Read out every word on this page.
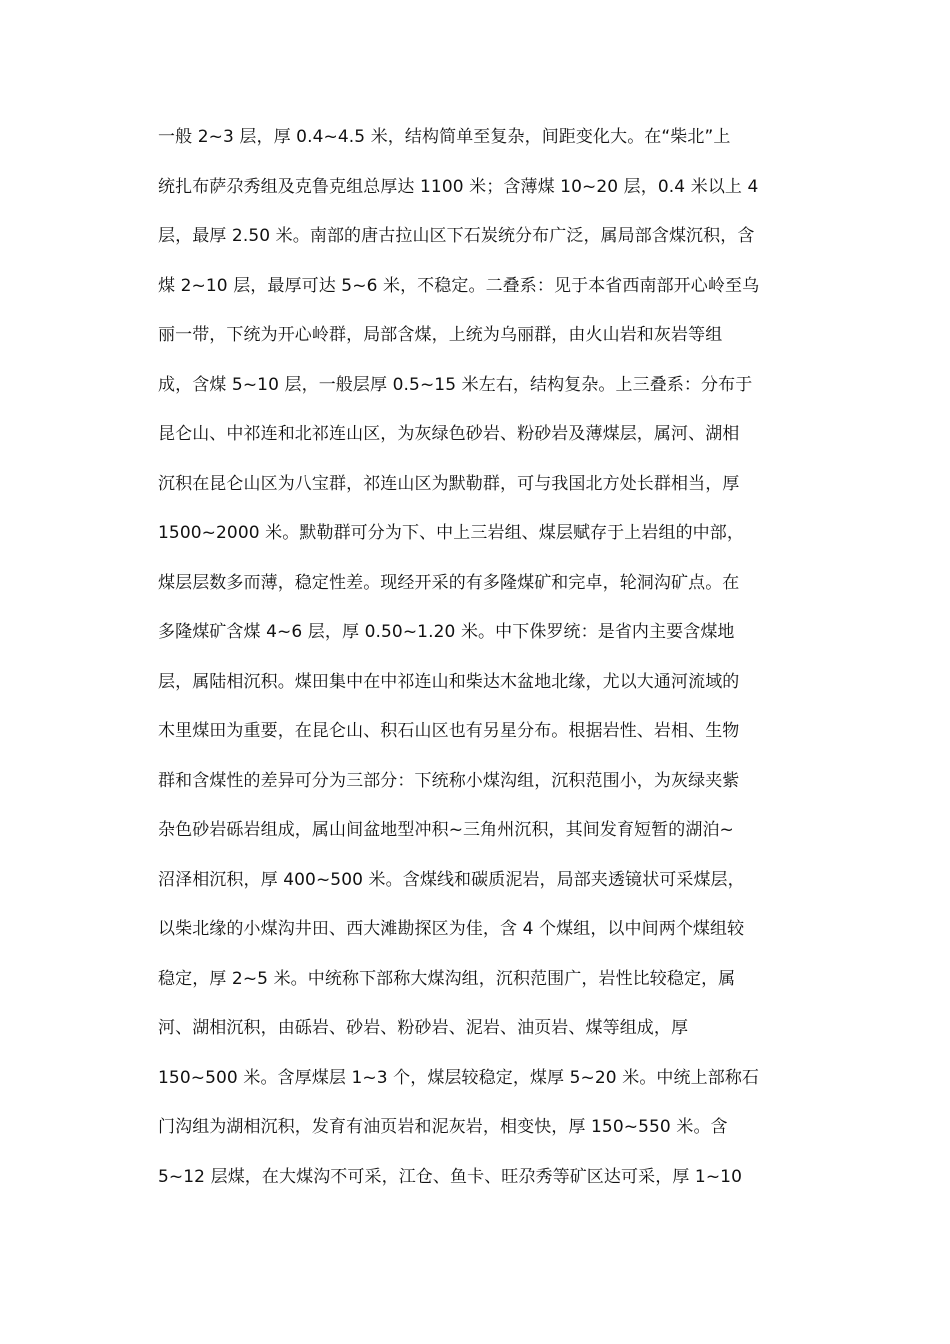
一般 2~3 层，厚 0.4~4.5 米，结构简单至复杂，间距变化大。在“柴北”上
统扎布萨尕秀组及克鲁克组总厚达 1100 米；含薄煤 10~20 层，0.4 米以上 4
层，最厚 2.50 米。南部的唐古拉山区下石炭统分布广泛，属局部含煤沉积，含
煤 2~10 层，最厚可达 5~6 米，不稳定。二叠系：见于本省西南部开心岭至乌
丽一带，下统为开心岭群，局部含煤，上统为乌丽群，由火山岩和灰岩等组
成，含煤 5~10 层，一般层厚 0.5~15 米左右，结构复杂。上三叠系：分布于
昆仑山、中祁连和北祁连山区，为灰绿色砂岩、粉砂岩及薄煤层，属河、湖相
沉积在昆仑山区为八宝群，祁连山区为默勒群，可与我国北方处长群相当，厚
1500~2000 米。默勒群可分为下、中上三岩组、煤层赋存于上岩组的中部，
煤层层数多而薄，稳定性差。现经开采的有多隆煤矿和完卓，轮洞沟矿点。在
多隆煤矿含煤 4~6 层，厚 0.50~1.20 米。中下侏罗统：是省内主要含煤地
层，属陆相沉积。煤田集中在中祁连山和柴达木盆地北缘，尤以大通河流域的
木里煤田为重要，在昆仑山、积石山区也有另星分布。根据岩性、岩相、生物
群和含煤性的差异可分为三部分：下统称小煤沟组，沉积范围小，为灰绿夹紫
杂色砂岩砾岩组成，属山间盆地型冲积~三角州沉积，其间发育短暂的湖泊~
沼泽相沉积，厚 400~500 米。含煤线和碳质泥岩，局部夹透镜状可采煤层，
以柴北缘的小煤沟井田、西大滩勘探区为佳，含 4 个煤组，以中间两个煤组较
稳定，厚 2~5 米。中统称下部称大煤沟组，沉积范围广，岩性比较稳定，属
河、湖相沉积，由砾岩、砂岩、粉砂岩、泥岩、油页岩、煤等组成，厚
150~500 米。含厚煤层 1~3 个，煤层较稳定，煤厚 5~20 米。中统上部称石
门沟组为湖相沉积，发育有油页岩和泥灰岩，相变快，厚 150~550 米。含
5~12 层煤，在大煤沟不可采，江仓、鱼卡、旺尕秀等矿区达可采，厚 1~10
